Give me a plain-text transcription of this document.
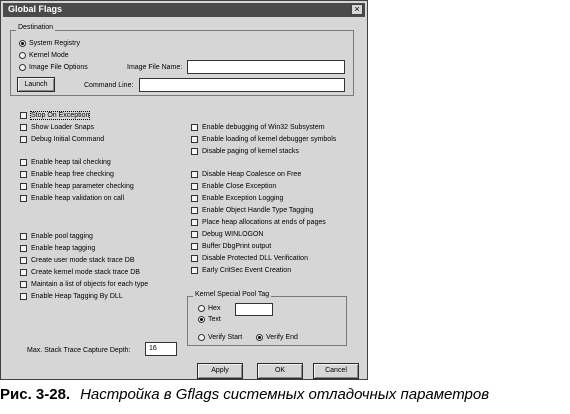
Global Flags	×
Destination
System Registry
Kernel Mode
Image File Options	Image File Name:
Launch	Command Line:
Stop On Exception
Show Loader Snaps
Debug Initial Command
Enable heap tail checking
Enable heap free checking
Enable heap parameter checking
Enable heap validation on call
Enable pool tagging
Enable heap tagging
Create user mode stack trace DB
Create kernel mode stack trace DB
Maintain a list of objects for each type
Enable Heap Tagging By DLL
Enable debugging of Win32 Subsystem
Enable loading of kernel debugger symbols
Disable paging of kernel stacks
Disable Heap Coalesce on Free
Enable Close Exception
Enable Exception Logging
Enable Object Handle Type Tagging
Place heap allocations at ends of pages
Debug WINLOGON
Buffer DbgPrint output
Disable Protected DLL Verification
Early CritSec Event Creation
Kernel Special Pool Tag
Hex
Text
Verify Start	Verify End
Max. Stack Trace Capture Depth:	16
Apply	OK	Cancel
Рис. 3-28. Настройка в Gflags системных отладочных параметров
